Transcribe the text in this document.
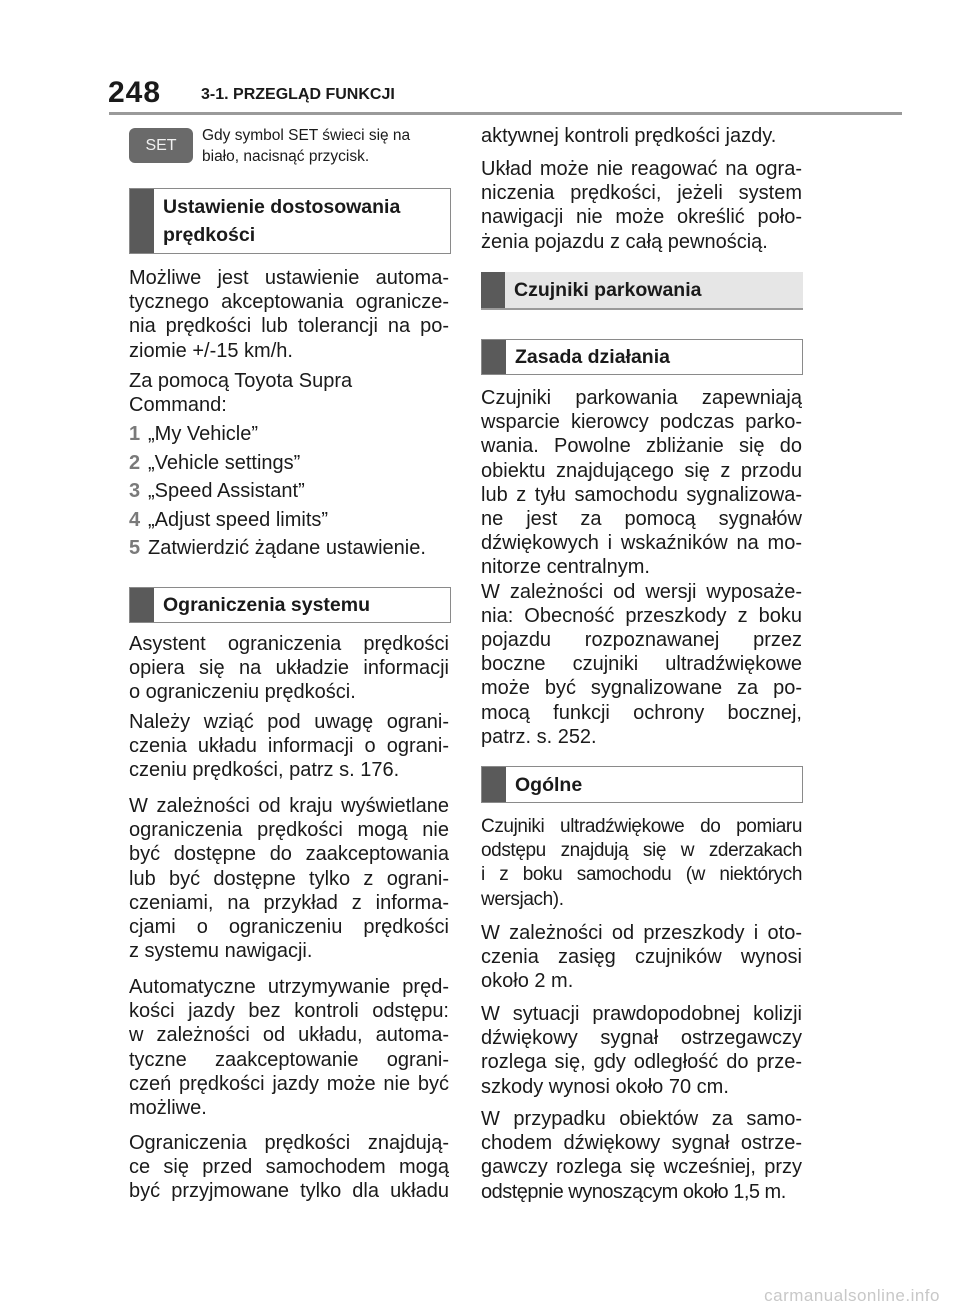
248 3-1. PRZEGLĄD FUNKCJI
SET
Gdy symbol SET świeci się na
biało, nacisnąć przycisk.
Ustawienie dostosowania
prędkości
Możliwe jest ustawienie automa-
tycznego akceptowania ogranicze-
nia prędkości lub tolerancji na po-
ziomie +/-15 km/h.
Za pomocą Toyota Supra
Command:
1 „My Vehicle”
2 „Vehicle settings”
3 „Speed Assistant”
4 „Adjust speed limits”
5 Zatwierdzić żądane ustawienie.
Ograniczenia systemu
Asystent ograniczenia prędkości
opiera się na układzie informacji
o ograniczeniu prędkości.
Należy wziąć pod uwagę ograni-
czenia układu informacji o ograni-
czeniu prędkości, patrz s. 176.
W zależności od kraju wyświetlane
ograniczenia prędkości mogą nie
być dostępne do zaakceptowania
lub być dostępne tylko z ograni-
czeniami, na przykład z informa-
cjami o ograniczeniu prędkości
z systemu nawigacji.
Automatyczne utrzymywanie pręd-
kości jazdy bez kontroli odstępu:
w zależności od układu, automa-
tyczne zaakceptowanie ograni-
czeń prędkości jazdy może nie być
możliwe.
Ograniczenia prędkości znajdują-
ce się przed samochodem mogą
być przyjmowane tylko dla układu
aktywnej kontroli prędkości jazdy.
Układ może nie reagować na ogra-
niczenia prędkości, jeżeli system
nawigacji nie może określić poło-
żenia pojazdu z całą pewnością.
Czujniki parkowania
Zasada działania
Czujniki parkowania zapewniają
wsparcie kierowcy podczas parko-
wania. Powolne zbliżanie się do
obiektu znajdującego się z przodu
lub z tyłu samochodu sygnalizowa-
ne jest za pomocą sygnałów
dźwiękowych i wskaźników na mo-
nitorze centralnym.
W zależności od wersji wyposaże-
nia: Obecność przeszkody z boku
pojazdu rozpoznawanej przez
boczne czujniki ultradźwiękowe
może być sygnalizowane za po-
mocą funkcji ochrony bocznej,
patrz. s. 252.
Ogólne
Czujniki ultradźwiękowe do pomiaru
odstępu znajdują się w zderzakach
i z boku samochodu (w niektórych
wersjach).
W zależności od przeszkody i oto-
czenia zasięg czujników wynosi
około 2 m.
W sytuacji prawdopodobnej kolizji
dźwiękowy sygnał ostrzegawczy
rozlega się, gdy odległość do prze-
szkody wynosi około 70 cm.
W przypadku obiektów za samo-
chodem dźwiękowy sygnał ostrze-
gawczy rozlega się wcześniej, przy
odstępnie wynoszącym około 1,5 m.
carmanualsonline.info
